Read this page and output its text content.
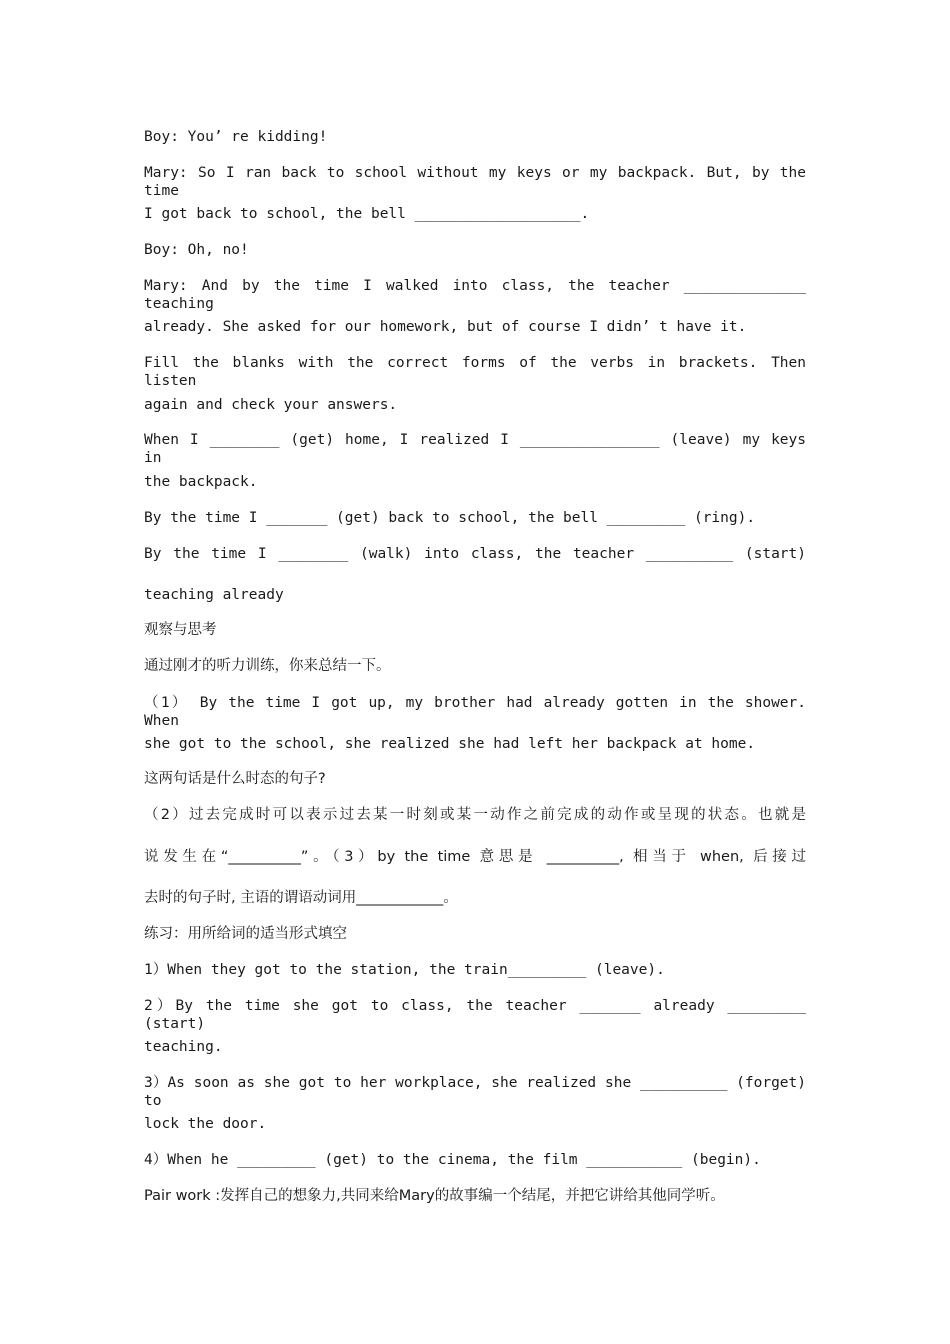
Boy: You’ re kidding!
Mary: So I ran back to school without my keys or my backpack. But, by the time
I got back to school, the bell ___________________.
Boy: Oh, no!
Mary: And by the time I walked into class, the teacher ______________ teaching
already. She asked for our homework, but of course I didn’ t have it.
Fill the blanks with the correct forms of the verbs in brackets. Then listen
again and check your answers.
When I ________ (get) home, I realized I ________________ (leave) my keys in
the backpack.
By the time I _______ (get) back to school, the bell _________ (ring).
By the time I ________ (walk) into class, the teacher __________ (start)
teaching already
观察与思考
通过刚才的听力训练，你来总结一下。
（1） By the time I got up, my brother had already gotten in the shower. When
she got to the school, she realized she had left her backpack at home.
这两句话是什么时态的句子?
（2）过去完成时可以表示过去某一时刻或某一动作之前完成的动作或呈现的状态。也就是
说发生在“__________”。（3）by the time 意思是 __________, 相当于 when, 后接过
去时的句子时, 主语的谓语动词用____________。
练习：用所给词的适当形式填空
1）When they got to the station, the train_________ (leave).
2）By the time she got to class, the teacher _______ already _________ (start)
teaching.
3）As soon as she got to her workplace, she realized she __________ (forget) to
lock the door.
4）When he _________ (get) to the cinema, the film ___________ (begin).
Pair work :发挥自己的想象力,共同来给Mary的故事编一个结尾，并把它讲给其他同学听。
